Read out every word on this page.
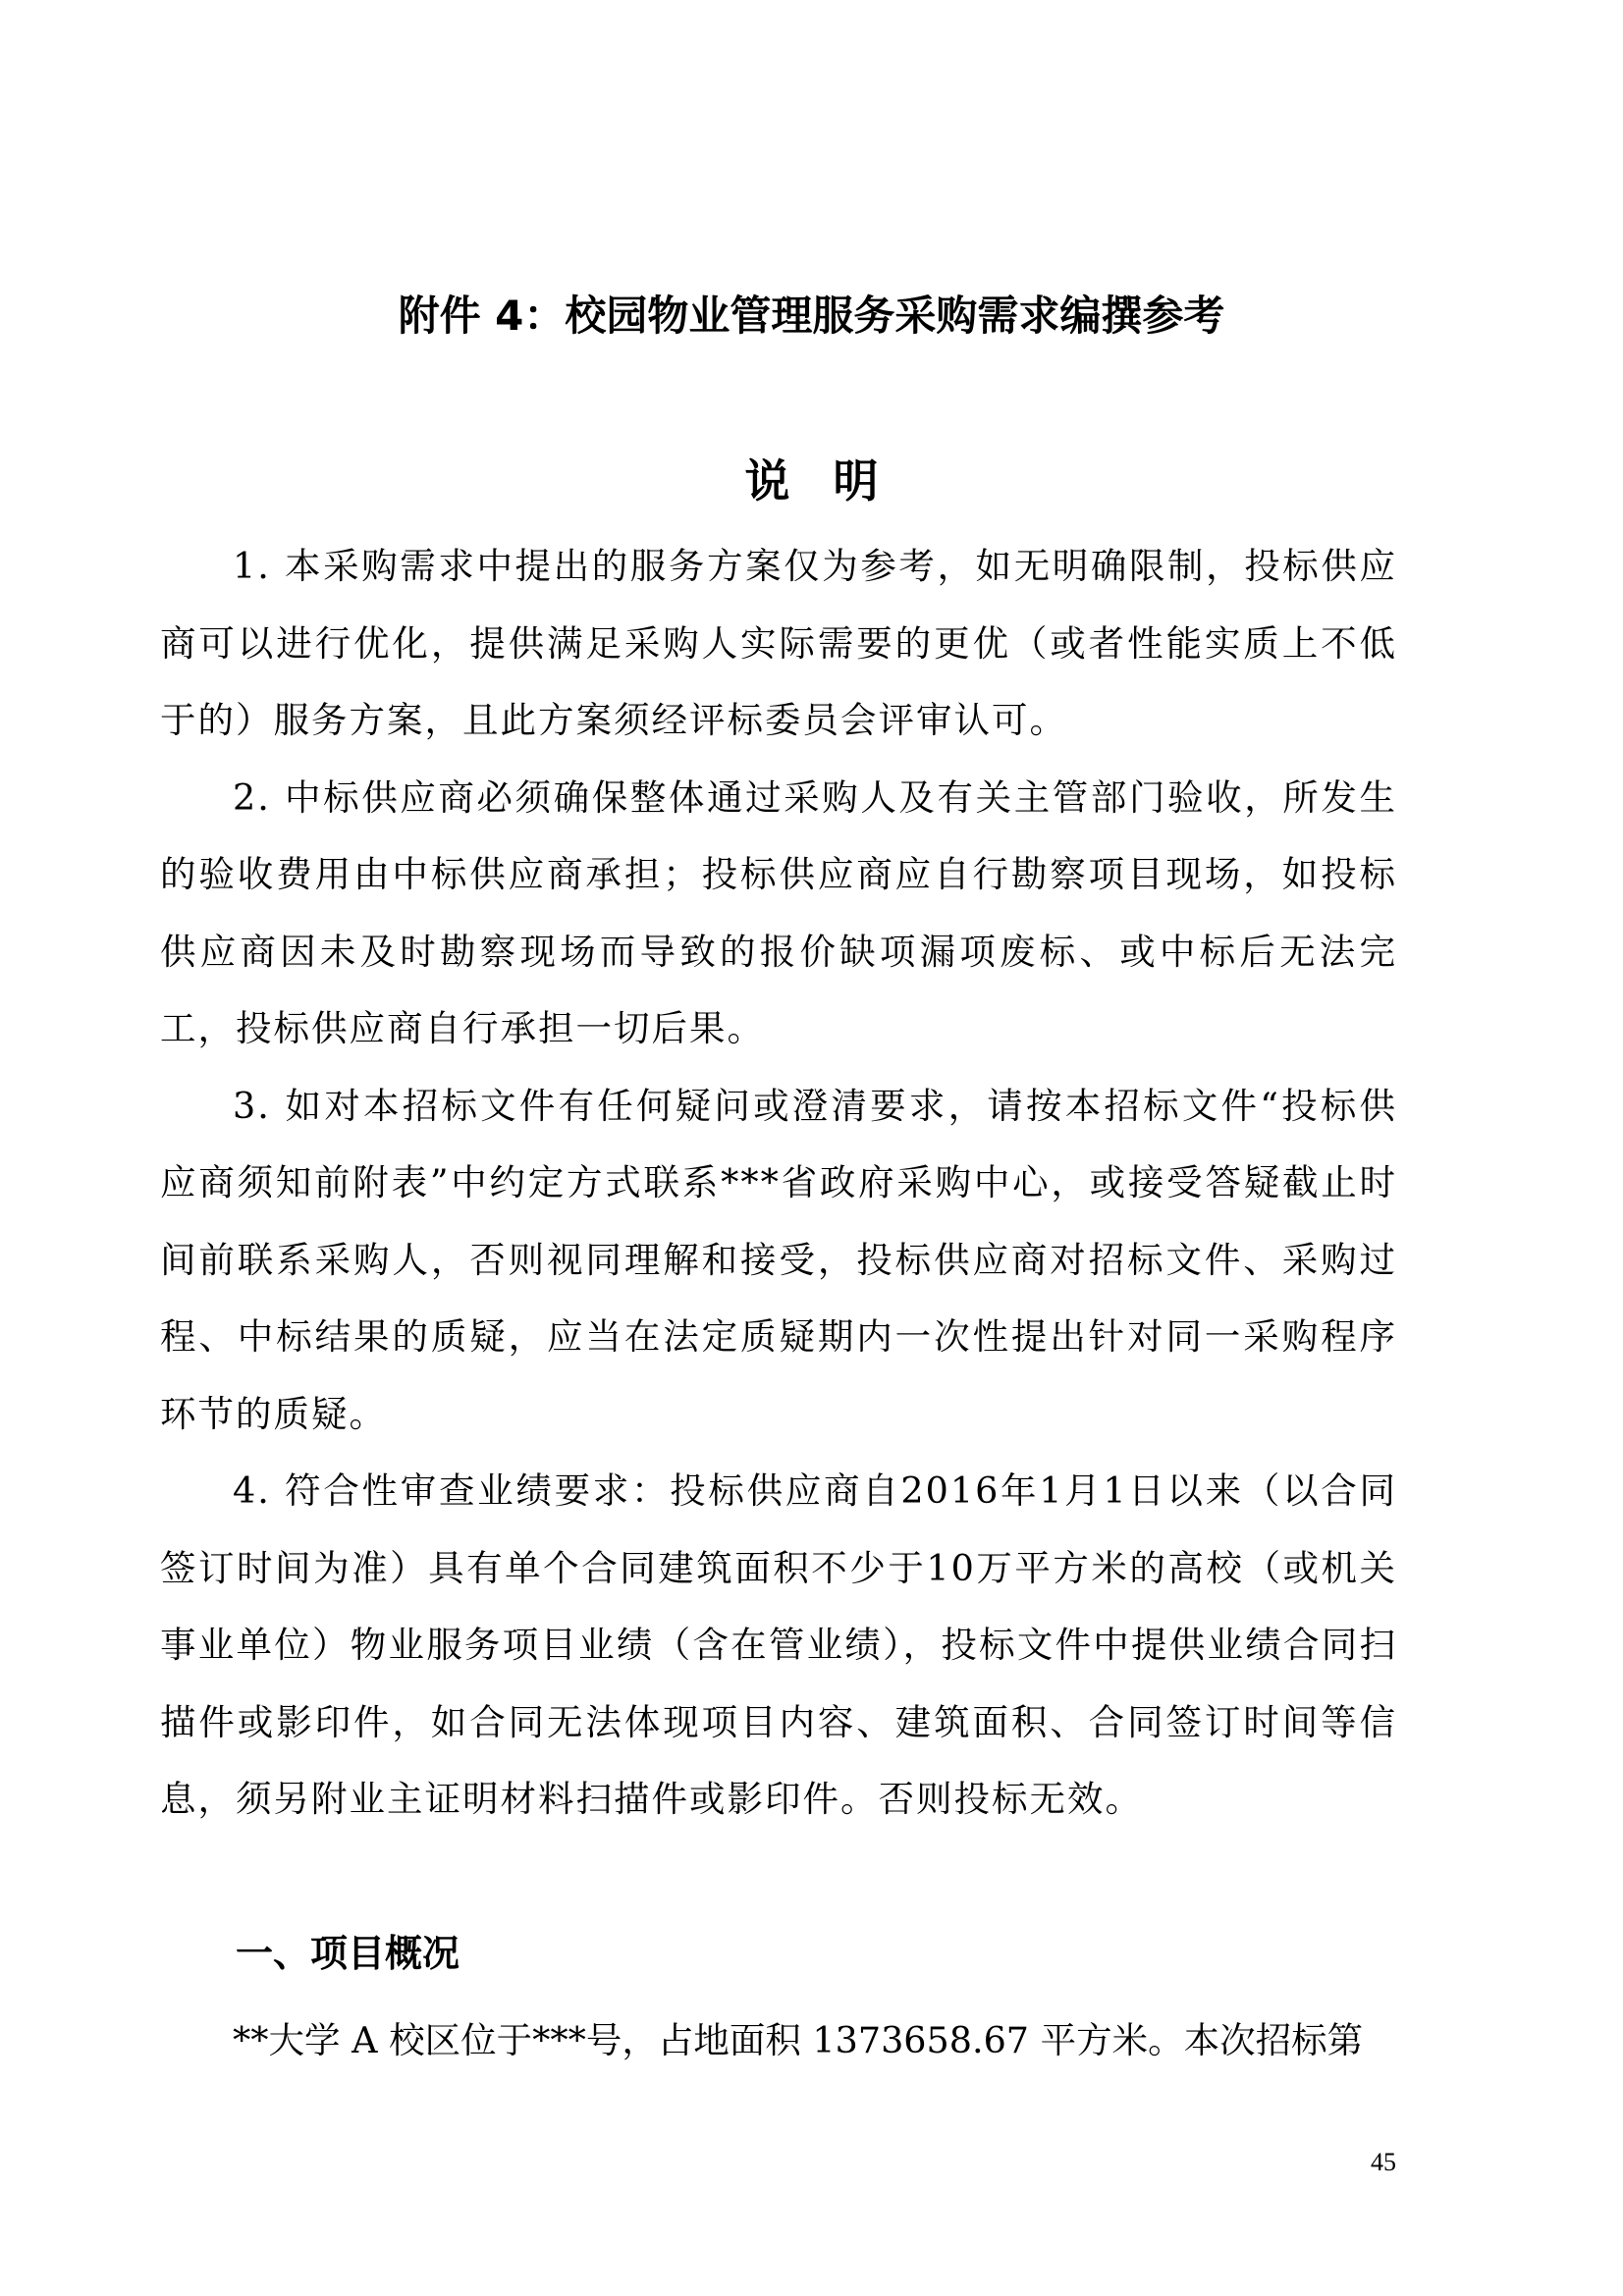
附件 4：校园物业管理服务采购需求编撰参考
说明

1. 本采购需求中提出的服务方案仅为参考，如无明确限制，投标供应商可以进行优化，提供满足采购人实际需要的更优（或者性能实质上不低于的）服务方案，且此方案须经评标委员会评审认可。

2. 中标供应商必须确保整体通过采购人及有关主管部门验收，所发生的验收费用由中标供应商承担；投标供应商应自行勘察项目现场，如投标供应商因未及时勘察现场而导致的报价缺项漏项废标、或中标后无法完工，投标供应商自行承担一切后果。

3. 如对本招标文件有任何疑问或澄清要求，请按本招标文件“投标供应商须知前附表”中约定方式联系***省政府采购中心，或接受答疑截止时间前联系采购人，否则视同理解和接受，投标供应商对招标文件、采购过程、中标结果的质疑，应当在法定质疑期内一次性提出针对同一采购程序环节的质疑。

4. 符合性审查业绩要求：投标供应商自2016年1月1日以来（以合同签订时间为准）具有单个合同建筑面积不少于10万平方米的高校（或机关事业单位）物业服务项目业绩（含在管业绩），投标文件中提供业绩合同扫描件或影印件，如合同无法体现项目内容、建筑面积、合同签订时间等信息，须另附业主证明材料扫描件或影印件。否则投标无效。

一、项目概况

**大学 A 校区位于***号，占地面积 1373658.67 平方米。本次招标第

45
